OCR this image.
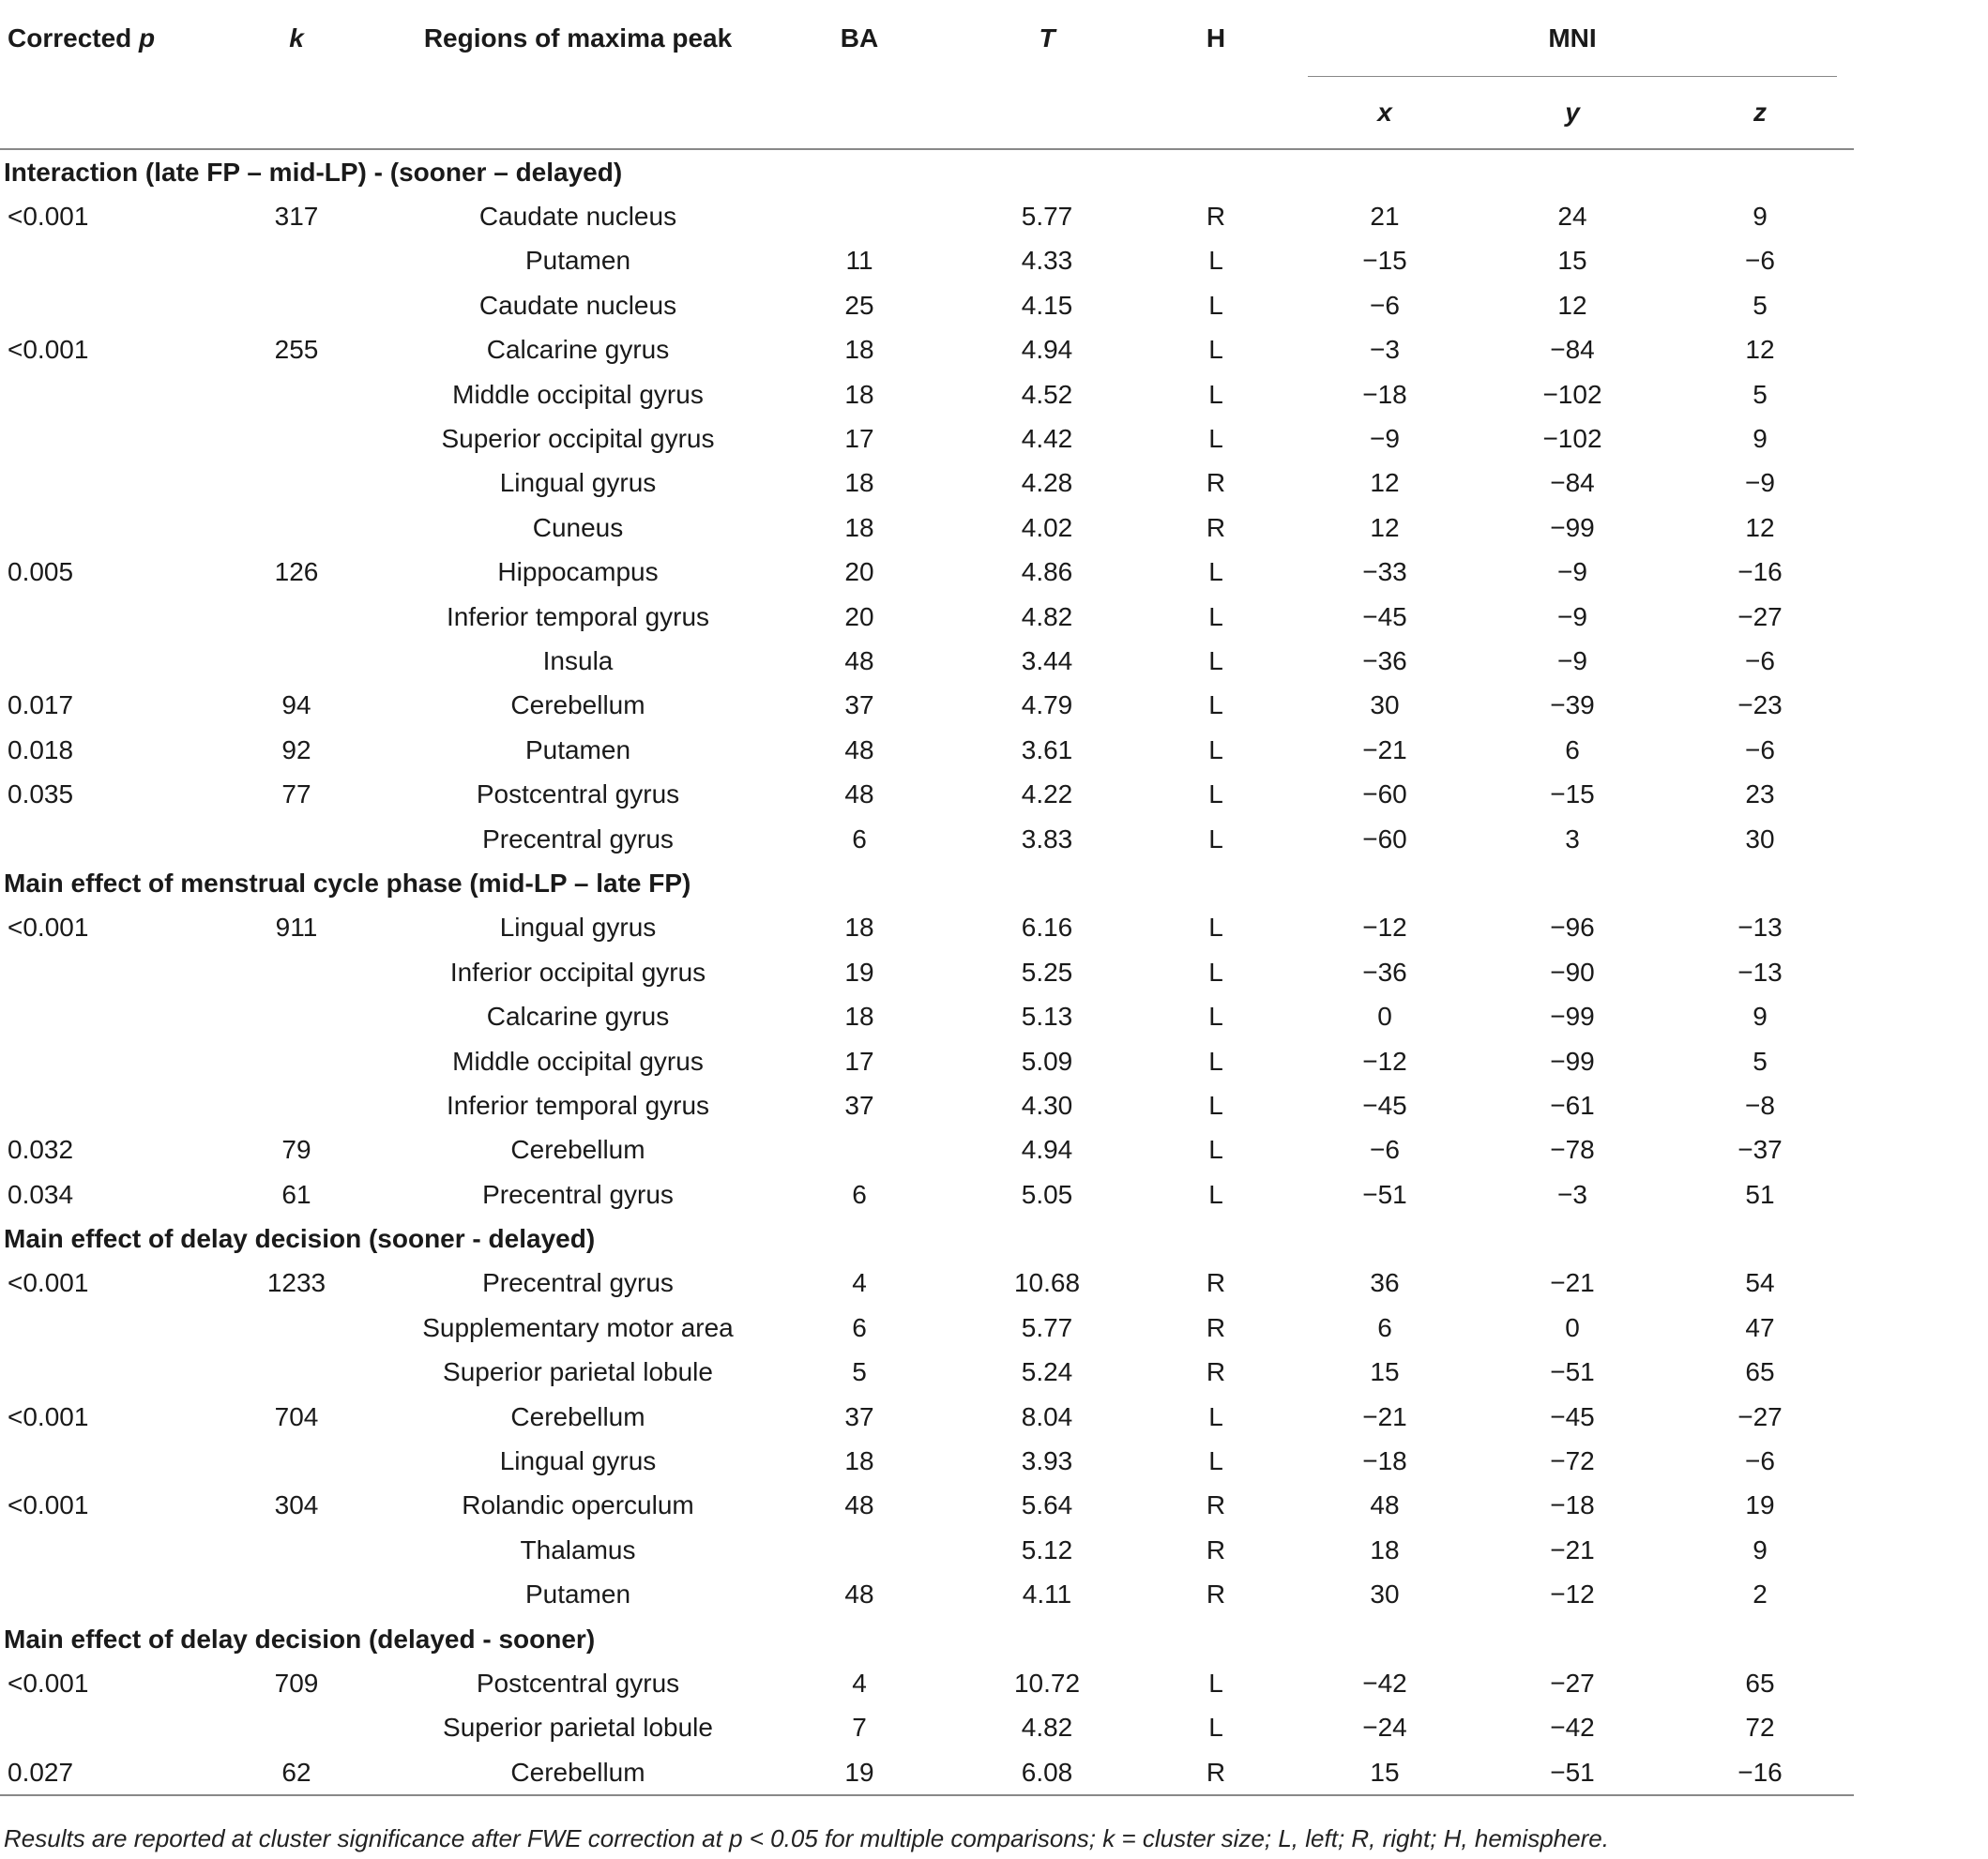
Corrected p	k	Regions of maxima peak	BA	T	H	MNI		

						x	y	z
Interaction (late FP – mid-LP) - (sooner – delayed)								
<0.001	317	Caudate nucleus		5.77	R	21	24	9
		Putamen	11	4.33	L	−15	15	−6
		Caudate nucleus	25	4.15	L	−6	12	5
<0.001	255	Calcarine gyrus	18	4.94	L	−3	−84	12
		Middle occipital gyrus	18	4.52	L	−18	−102	5
		Superior occipital gyrus	17	4.42	L	−9	−102	9
		Lingual gyrus	18	4.28	R	12	−84	−9
		Cuneus	18	4.02	R	12	−99	12
0.005	126	Hippocampus	20	4.86	L	−33	−9	−16
		Inferior temporal gyrus	20	4.82	L	−45	−9	−27
		Insula	48	3.44	L	−36	−9	−6
0.017	94	Cerebellum	37	4.79	L	30	−39	−23
0.018	92	Putamen	48	3.61	L	−21	6	−6
0.035	77	Postcentral gyrus	48	4.22	L	−60	−15	23
		Precentral gyrus	6	3.83	L	−60	3	30
Main effect of menstrual cycle phase (mid-LP – late FP)								
<0.001	911	Lingual gyrus	18	6.16	L	−12	−96	−13
		Inferior occipital gyrus	19	5.25	L	−36	−90	−13
		Calcarine gyrus	18	5.13	L	0	−99	9
		Middle occipital gyrus	17	5.09	L	−12	−99	5
		Inferior temporal gyrus	37	4.30	L	−45	−61	−8
0.032	79	Cerebellum		4.94	L	−6	−78	−37
0.034	61	Precentral gyrus	6	5.05	L	−51	−3	51
Main effect of delay decision (sooner - delayed)								
<0.001	1233	Precentral gyrus	4	10.68	R	36	−21	54
		Supplementary motor area	6	5.77	R	6	0	47
		Superior parietal lobule	5	5.24	R	15	−51	65
<0.001	704	Cerebellum	37	8.04	L	−21	−45	−27
		Lingual gyrus	18	3.93	L	−18	−72	−6
<0.001	304	Rolandic operculum	48	5.64	R	48	−18	19
		Thalamus		5.12	R	18	−21	9
		Putamen	48	4.11	R	30	−12	2
Main effect of delay decision (delayed - sooner)								
<0.001	709	Postcentral gyrus	4	10.72	L	−42	−27	65
		Superior parietal lobule	7	4.82	L	−24	−42	72
0.027	62	Cerebellum	19	6.08	R	15	−51	−16

Results are reported at cluster significance after FWE correction at p < 0.05 for multiple comparisons; k = cluster size; L, left; R, right; H, hemisphere.
